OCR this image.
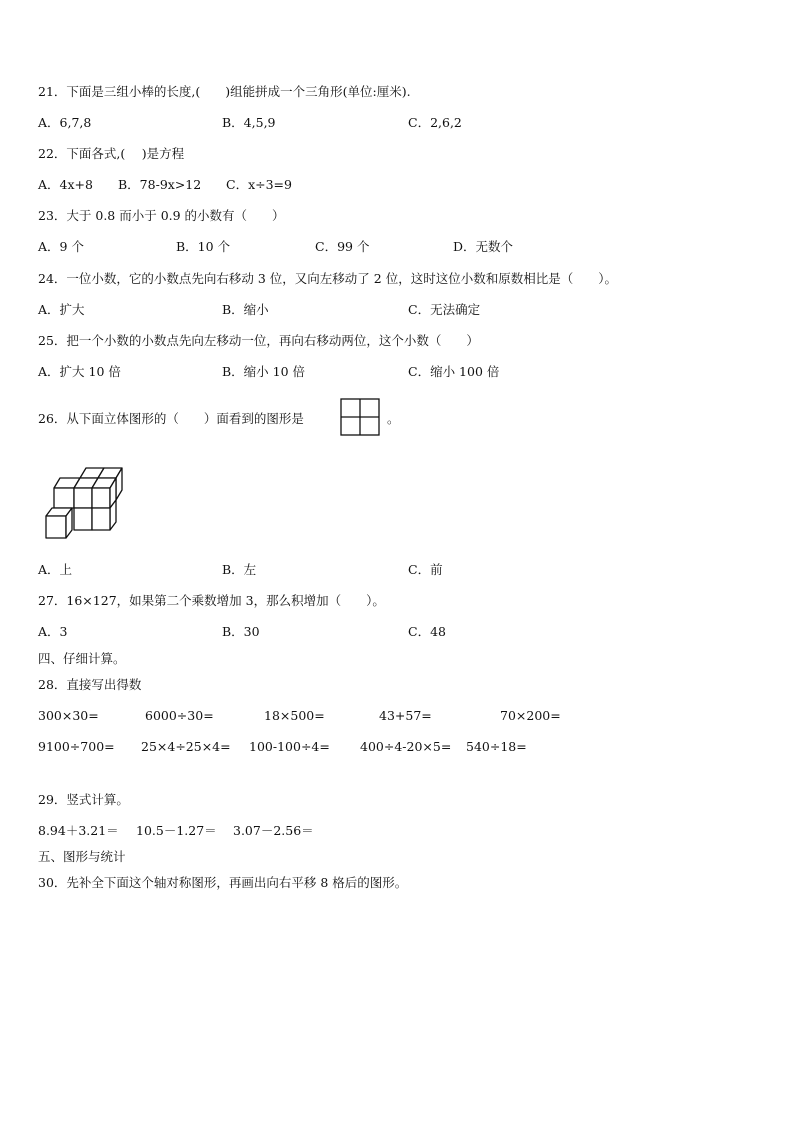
21．下面是三组小棒的长度,(　　)组能拼成一个三角形(单位:厘米).
A．6,7,8	B．4,5,9	C．2,6,2
22．下面各式,(　 )是方程
A．4x+8 B．78-9x>12 C．x÷3=9
23．大于 0.8 而小于 0.9 的小数有（　　）
A．9 个	B．10 个	C．99 个	D．无数个
24．一位小数，它的小数点先向右移动 3 位，又向左移动了 2 位，这时这位小数和原数相比是（　　）。
A．扩大	B．缩小	C．无法确定
25．把一个小数的小数点先向左移动一位，再向右移动两位，这个小数（　　）
A．扩大 10 倍	B．缩小 10 倍	C．缩小 100 倍
26．从下面立体图形的（　　）面看到的图形是	。
A．上	B．左	C．前
27．16×127，如果第二个乘数增加 3，那么积增加（　　）。
A．3	B．30	C．48
四、仔细计算。
28．直接写出得数
300×30=	6000÷30=	18×500=	43+57=	70×200=
9100÷700= 25×4÷25×4= 100-100÷4= 400÷4-20×5= 540÷18=
29．竖式计算。
8.94＋3.21＝ 10.5－1.27＝ 3.07－2.56＝
五、图形与统计
30．先补全下面这个轴对称图形，再画出向右平移 8 格后的图形。
